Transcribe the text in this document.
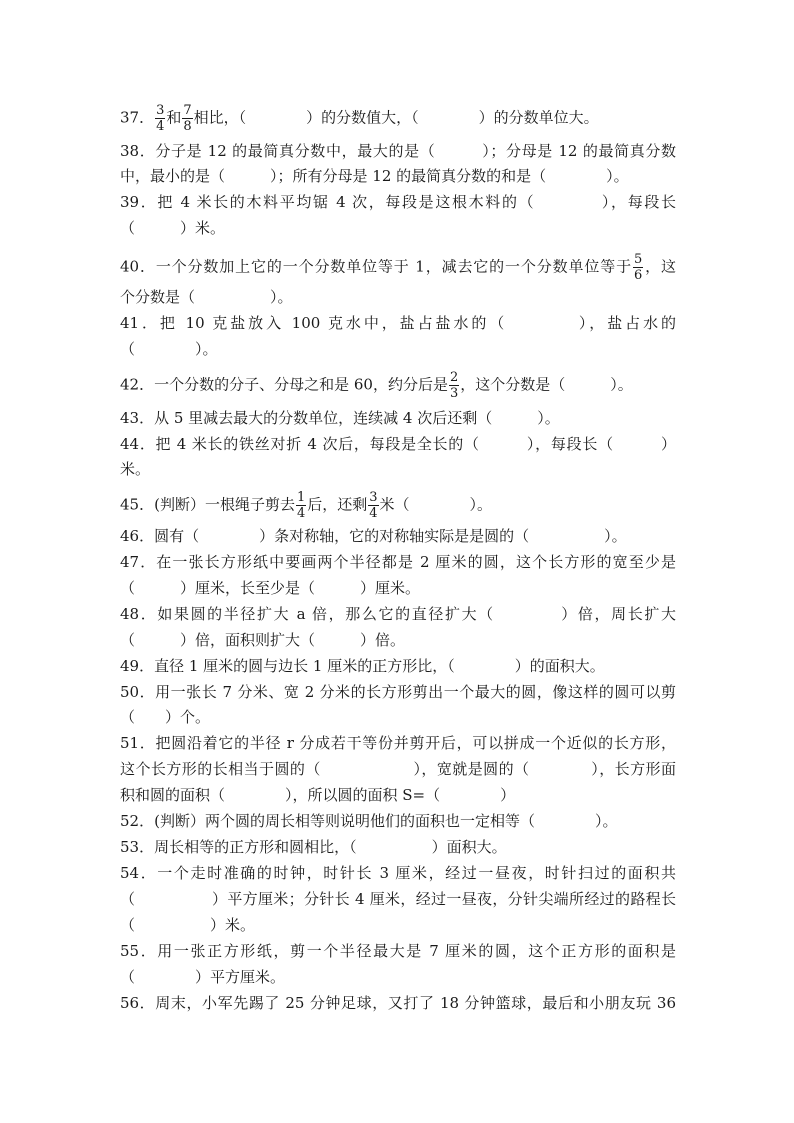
37． $\frac{3}{4}$ 和 $\frac{7}{8}$ 相比，（　　　　）的分数值大，（　　　　）的分数单位大。
38．分子是 12 的最简真分数中，最大的是（　　　）；分母是 12 的最简真分数
中，最小的是（　　　）；所有分母是 12 的最简真分数的和是（　　　　）。
39．把 4 米长的木料平均锯 4 次，每段是这根木料的（　　　　），每段长
（　　　）米。
40．一个分数加上它的一个分数单位等于 1，减去它的一个分数单位等于 $\frac{5}{6}$ ，这
个分数是（　　　　　）。
41．把 10 克盐放入 100 克水中，盐占盐水的（　　　　），盐占水的
（　　　　）。
42．一个分数的分子、分母之和是 60，约分后是 $\frac{2}{3}$ ，这个分数是（　　　）。
43．从 5 里减去最大的分数单位，连续减 4 次后还剩（　　　）。
44．把 4 米长的铁丝对折 4 次后，每段是全长的（　　　），每段长（　　　）
米。
45．(判断）一根绳子剪去 $\frac{1}{4}$ 后，还剩 $\frac{3}{4}$ 米（　　　　）。
46．圆有（　　　　）条对称轴，它的对称轴实际是是圆的（　　　　　）。
47．在一张长方形纸中要画两个半径都是 2 厘米的圆，这个长方形的宽至少是
（　　　）厘米，长至少是（　　　）厘米。
48．如果圆的半径扩大 a 倍，那么它的直径扩大（　　　　）倍，周长扩大
（　　　）倍，面积则扩大（　　　）倍。
49．直径 1 厘米的圆与边长 1 厘米的正方形比，（　　　　）的面积大。
50．用一张长 7 分米、宽 2 分米的长方形剪出一个最大的圆，像这样的圆可以剪
（　　）个。
51．把圆沿着它的半径 r 分成若干等份并剪开后，可以拼成一个近似的长方形，
这个长方形的长相当于圆的（　　　　　　），宽就是圆的（　　　　），长方形面
积和圆的面积（　　　　），所以圆的面积 S=（　　　　）
52．(判断）两个圆的周长相等则说明他们的面积也一定相等（　　　　）。
53．周长相等的正方形和圆相比，（　　　　　）面积大。
54．一个走时准确的时钟，时针长 3 厘米，经过一昼夜，时针扫过的面积共
（　　　　　）平方厘米；分针长 4 厘米，经过一昼夜，分针尖端所经过的路程长
（　　　　　）米。
55．用一张正方形纸，剪一个半径最大是 7 厘米的圆，这个正方形的面积是
（　　　　）平方厘米。
56．周末，小军先踢了 25 分钟足球，又打了 18 分钟篮球，最后和小朋友玩 36
